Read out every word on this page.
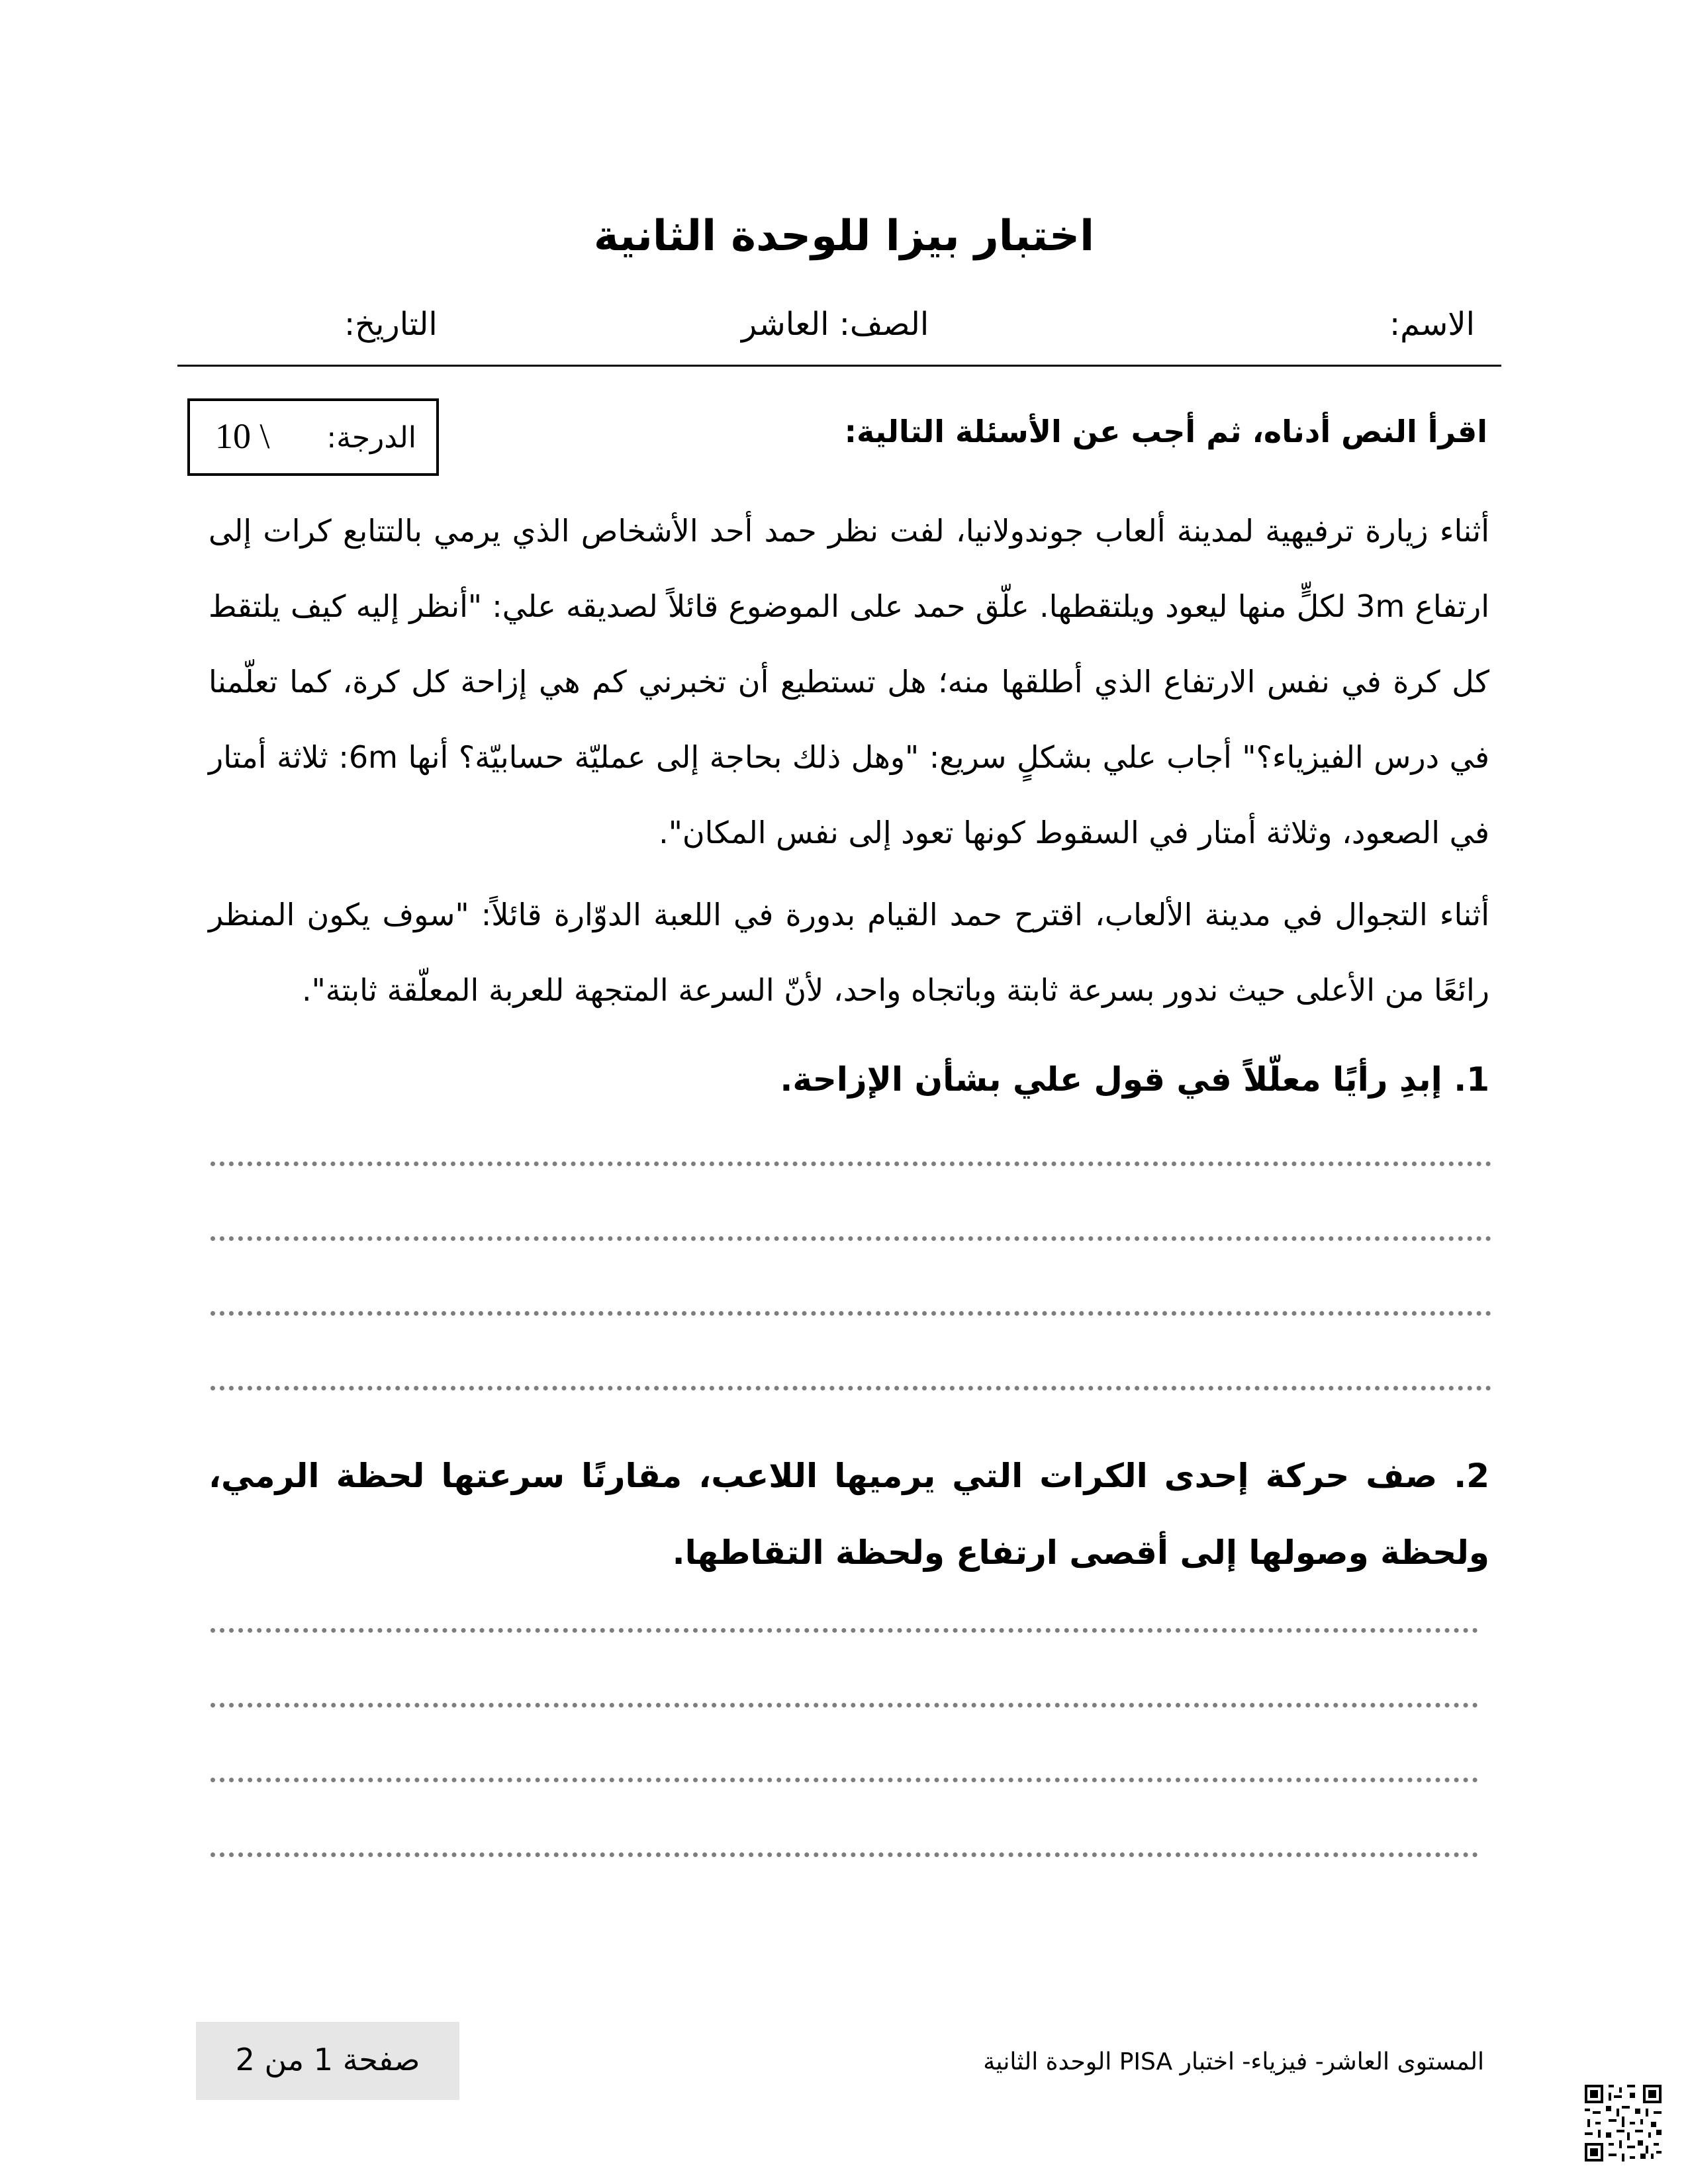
اختبار بيزا للوحدة الثانية
الاسم:
الصف: العاشر
التاريخ:
الدرجة:
10 \	اقرأ النص أدناه، ثم أجب عن الأسئلة التالية:
أثناء زيارة ترفيهية لمدينة ألعاب جوندولانيا، لفت نظر حمد أحد الأشخاص الذي يرمي بالتتابع كرات إلى ارتفاع 3m لكلٍّ منها ليعود ويلتقطها. علّق حمد على الموضوع قائلاً لصديقه علي: "أنظر إليه كيف يلتقط كل كرة في نفس الارتفاع الذي أطلقها منه؛ هل تستطيع أن تخبرني كم هي إزاحة كل كرة، كما تعلّمنا في درس الفيزياء؟" أجاب علي بشكلٍ سريع: "وهل ذلك بحاجة إلى عمليّة حسابيّة؟ أنها 6m: ثلاثة أمتار في الصعود، وثلاثة أمتار في السقوط كونها تعود إلى نفس المكان".
أثناء التجوال في مدينة الألعاب، اقترح حمد القيام بدورة في اللعبة الدوّارة قائلاً: "سوف يكون المنظر رائعًا من الأعلى حيث ندور بسرعة ثابتة وباتجاه واحد، لأنّ السرعة المتجهة للعربة المعلّقة ثابتة".
1. إبدِ رأيًا معلّلاً في قول علي بشأن الإزاحة.
2. صف حركة إحدى الكرات التي يرميها اللاعب، مقارنًا سرعتها لحظة الرمي، ولحظة وصولها إلى أقصى ارتفاع ولحظة التقاطها.
صفحة 1 من 2	المستوى العاشر- فيزياء- اختبار PISA الوحدة الثانية
